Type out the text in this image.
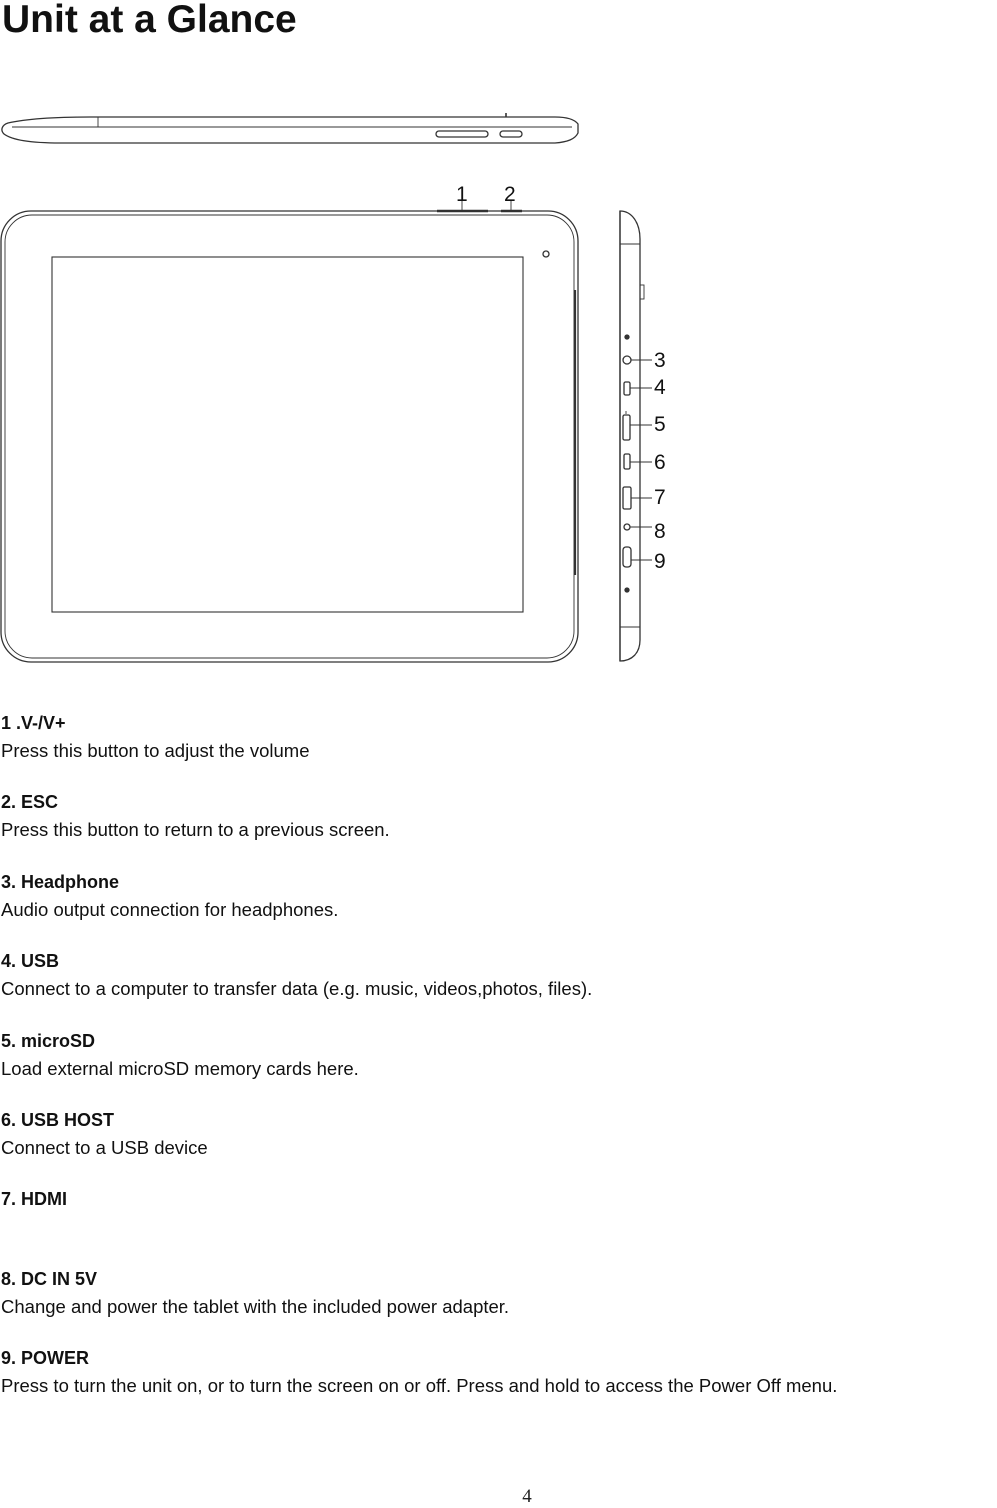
Unit at a Glance
1 2
3
4
5
6
7
8
9
1 .V-/V+
Press this button to adjust the volume
2. ESC
Press this button to return to a previous screen.
3. Headphone
Audio output connection for headphones.
4. USB
Connect to a computer to transfer data (e.g. music, videos,photos, files).
5. microSD
Load external microSD memory cards here.
6. USB HOST
Connect to a USB device
7. HDMI
8. DC IN 5V
Change and power the tablet with the included power adapter.
9. POWER
Press to turn the unit on, or to turn the screen on or off. Press and hold to access the Power Off menu.
4
